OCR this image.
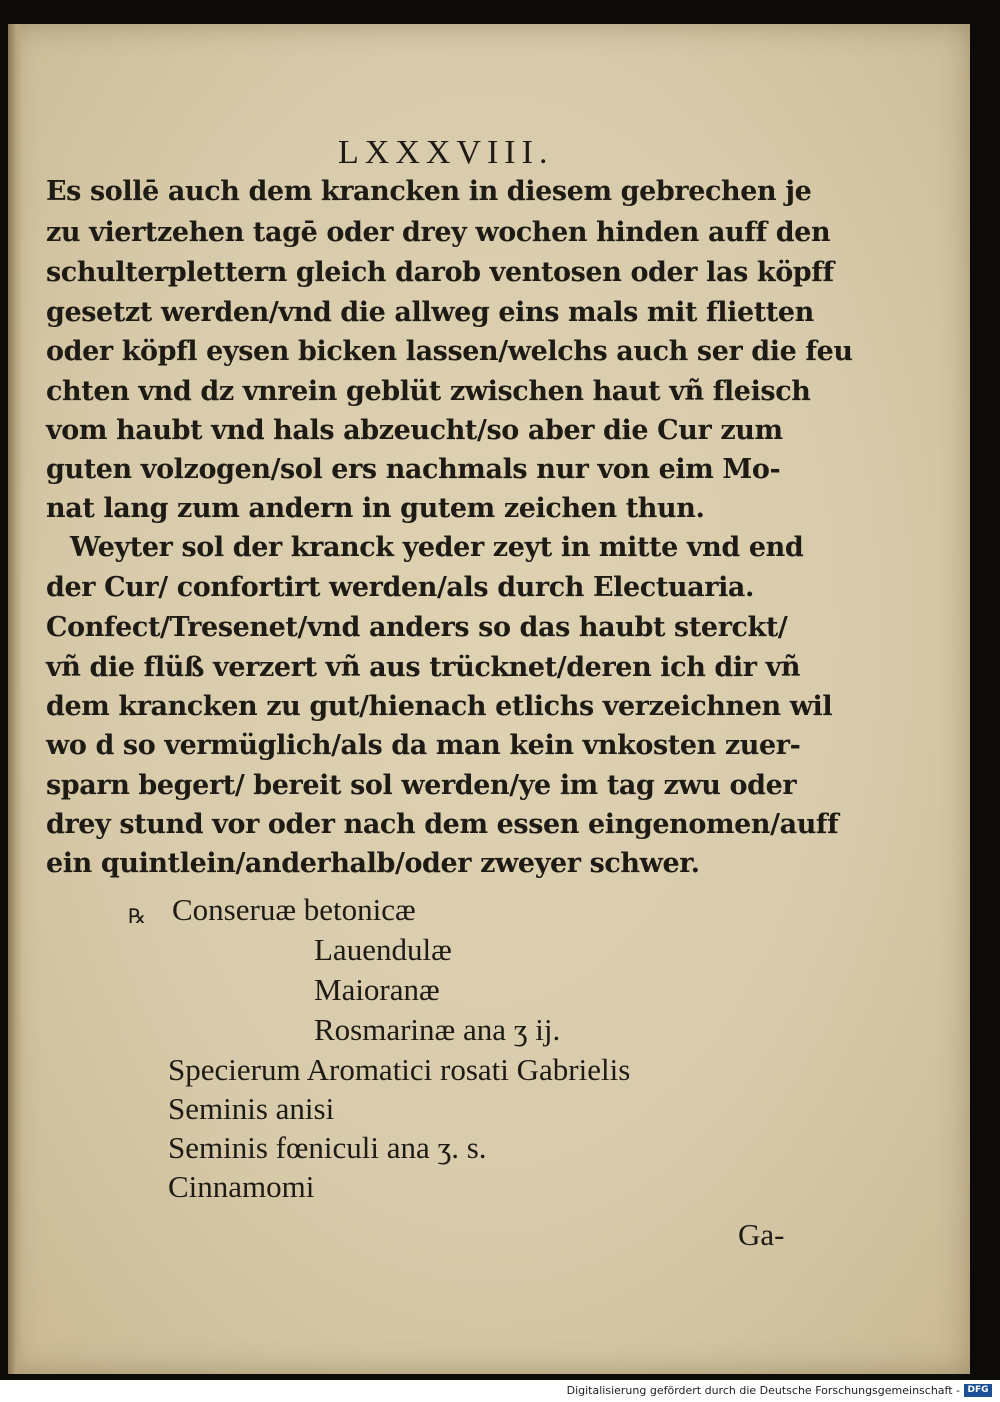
LXXXVIII.
Es sollē auch dem krancken in diesem gebrechen je
zu viertzehen tagē oder drey wochen hinden auff den
schulterplettern gleich darob ventosen oder las köpff
gesetzt werden/vnd die allweg eins mals mit flietten
oder köpfl eysen bicken lassen/welchs auch ser die feu
chten vnd dz vnrein geblüt zwischen haut vñ fleisch
vom haubt vnd hals abzeucht/so aber die Cur zum
guten volzogen/sol ers nachmals nur von eim Mo-
nat lang zum andern in gutem zeichen thun.
Weyter sol der kranck yeder zeyt in mitte vnd end
der Cur/ confortirt werden/als durch Electuaria.
Confect/Tresenet/vnd anders so das haubt sterckt/
vñ die flüß verzert vñ aus trücknet/deren ich dir vñ
dem krancken zu gut/hienach etlichs verzeichnen wil
wo d so vermüglich/als da man kein vnkosten zuer-
sparn begert/ bereit sol werden/ye im tag zwu oder
drey stund vor oder nach dem essen eingenomen/auff
ein quintlein/anderhalb/oder zweyer schwer.
℞ Conseruæ betonicæ
Lauendulæ
Maioranæ
Rosmarinæ ana ʒ ij.
Specierum Aromatici rosati Gabrielis
Seminis anisi
Seminis fœniculi ana ʒ. s.
Cinnamomi
Ga-
Digitalisierung gefördert durch die Deutsche Forschungsgemeinschaft - DFG
